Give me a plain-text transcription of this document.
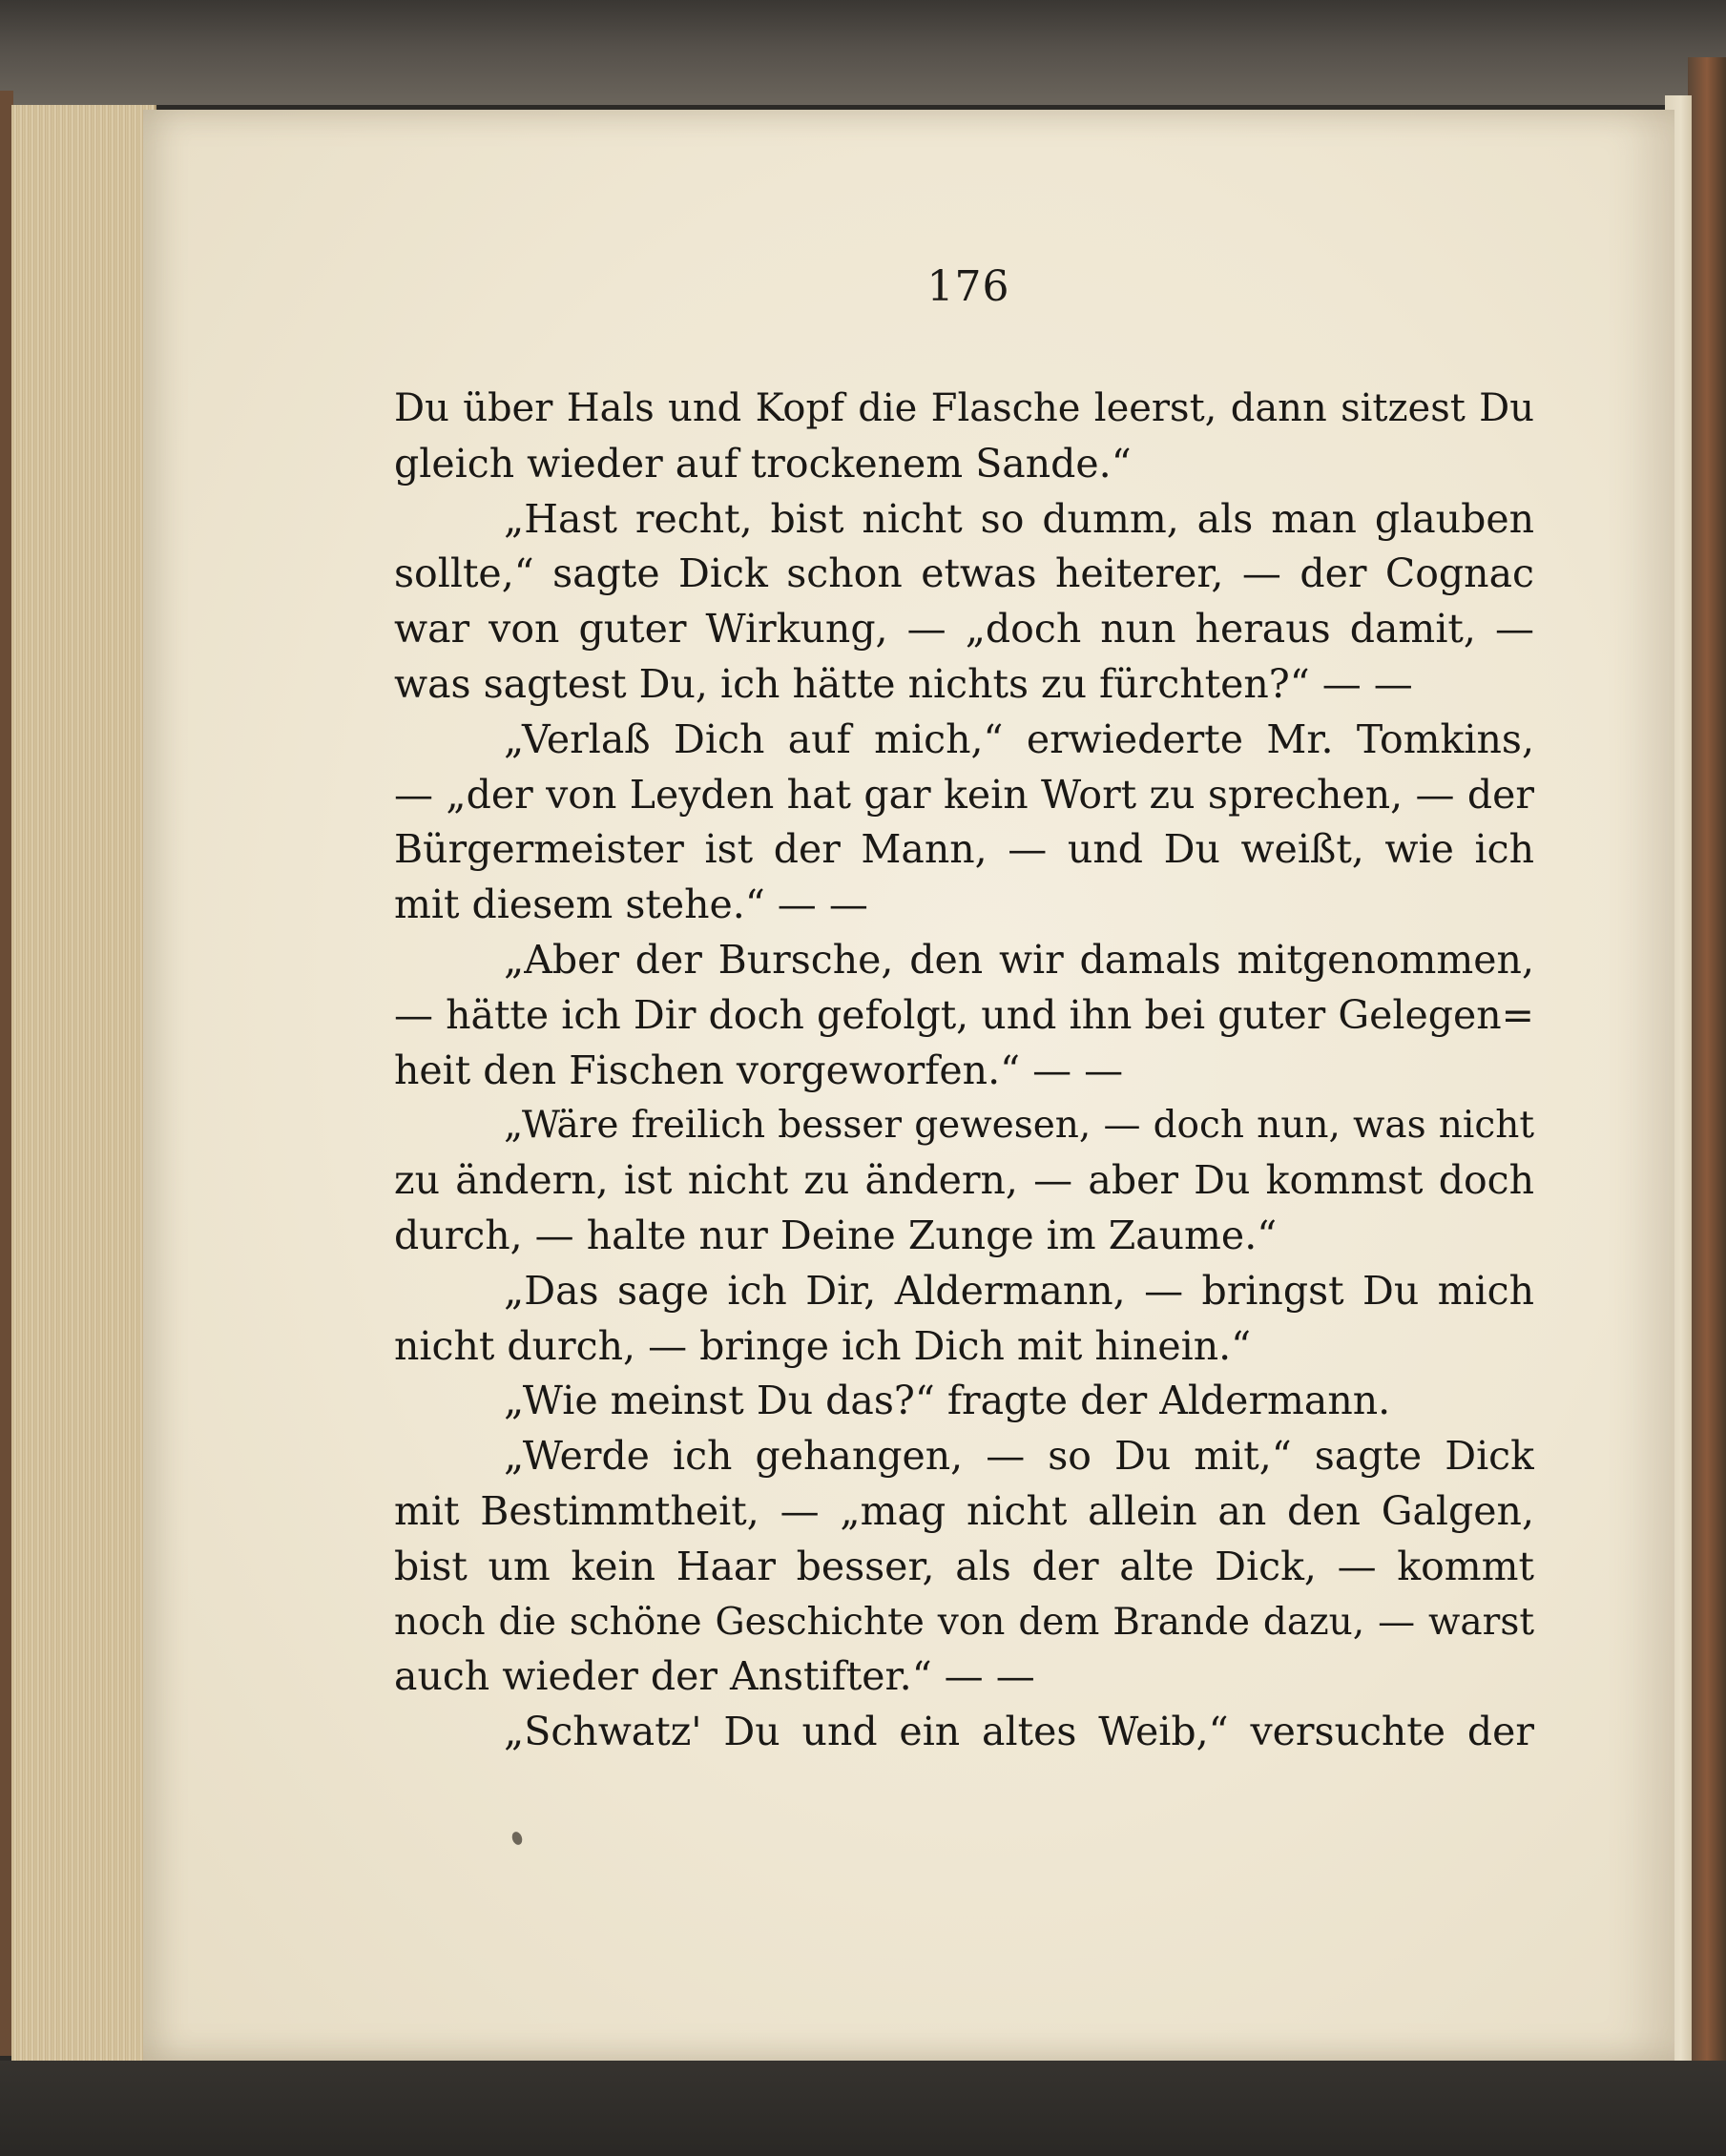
176
Du über Hals und Kopf die Flasche leerst, dann sitzest Du
gleich wieder auf trockenem Sande.“
„Hast recht, bist nicht so dumm, als man glauben
sollte,“ sagte Dick schon etwas heiterer, — der Cognac
war von guter Wirkung, — „doch nun heraus damit, —
was sagtest Du, ich hätte nichts zu fürchten?“ — —
„Verlaß Dich auf mich,“ erwiederte Mr. Tomkins,
— „der von Leyden hat gar kein Wort zu sprechen, — der
Bürgermeister ist der Mann, — und Du weißt, wie ich
mit diesem stehe.“ — —
„Aber der Bursche, den wir damals mitgenommen,
— hätte ich Dir doch gefolgt, und ihn bei guter Gelegen=
heit den Fischen vorgeworfen.“ — —
„Wäre freilich besser gewesen, — doch nun, was nicht
zu ändern, ist nicht zu ändern, — aber Du kommst doch
durch, — halte nur Deine Zunge im Zaume.“
„Das sage ich Dir, Aldermann, — bringst Du mich
nicht durch, — bringe ich Dich mit hinein.“
„Wie meinst Du das?“ fragte der Aldermann.
„Werde ich gehangen, — so Du mit,“ sagte Dick
mit Bestimmtheit, — „mag nicht allein an den Galgen,
bist um kein Haar besser, als der alte Dick, — kommt
noch die schöne Geschichte von dem Brande dazu, — warst
auch wieder der Anstifter.“ — —
„Schwatz' Du und ein altes Weib,“ versuchte der
